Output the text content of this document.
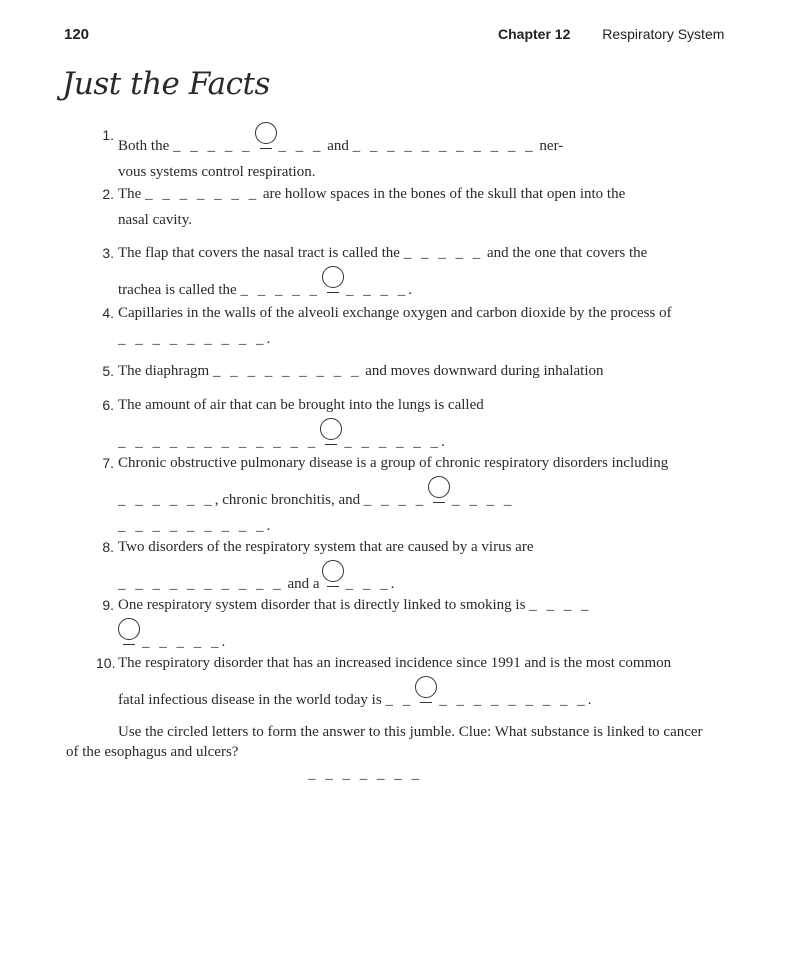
120	Chapter 12 Respiratory System
Just the Facts
1.
Both the _ _ _ _ _ _ _ _ and _ _ _ _ _ _ _ _ _ _ _ ner-
vous systems control respiration.
2. The _ _ _ _ _ _ _ are hollow spaces in the bones of the skull that open into the
nasal cavity.
3. The flap that covers the nasal tract is called the _ _ _ _ _ and the one that covers the
trachea is called the _ _ _ _ _ _ _ _ _.
4. Capillaries in the walls of the alveoli exchange oxygen and carbon dioxide by the process of
_ _ _ _ _ _ _ _ _.
5. The diaphragm _ _ _ _ _ _ _ _ _ and moves downward during inhalation
6. The amount of air that can be brought into the lungs is called
_ _ _ _ _ _ _ _ _ _ _ _ _ _ _ _ _ _.
7. Chronic obstructive pulmonary disease is a group of chronic respiratory disorders including
_ _ _ _ _ _, chronic bronchitis, and _ _ _ _ _ _ _ _
_ _ _ _ _ _ _ _ _.
8. Two disorders of the respiratory system that are caused by a virus are
_ _ _ _ _ _ _ _ _ _ and a _ _ _.
9. One respiratory system disorder that is directly linked to smoking is _ _ _ _
_ _ _ _ _.
10. The respiratory disorder that has an increased incidence since 1991 and is the most common
fatal infectious disease in the world today is _ _ _ _ _ _ _ _ _ _ _.
Use the circled letters to form the answer to this jumble. Clue: What substance is linked to cancer of the esophagus and ulcers?
_ _ _ _ _ _ _
